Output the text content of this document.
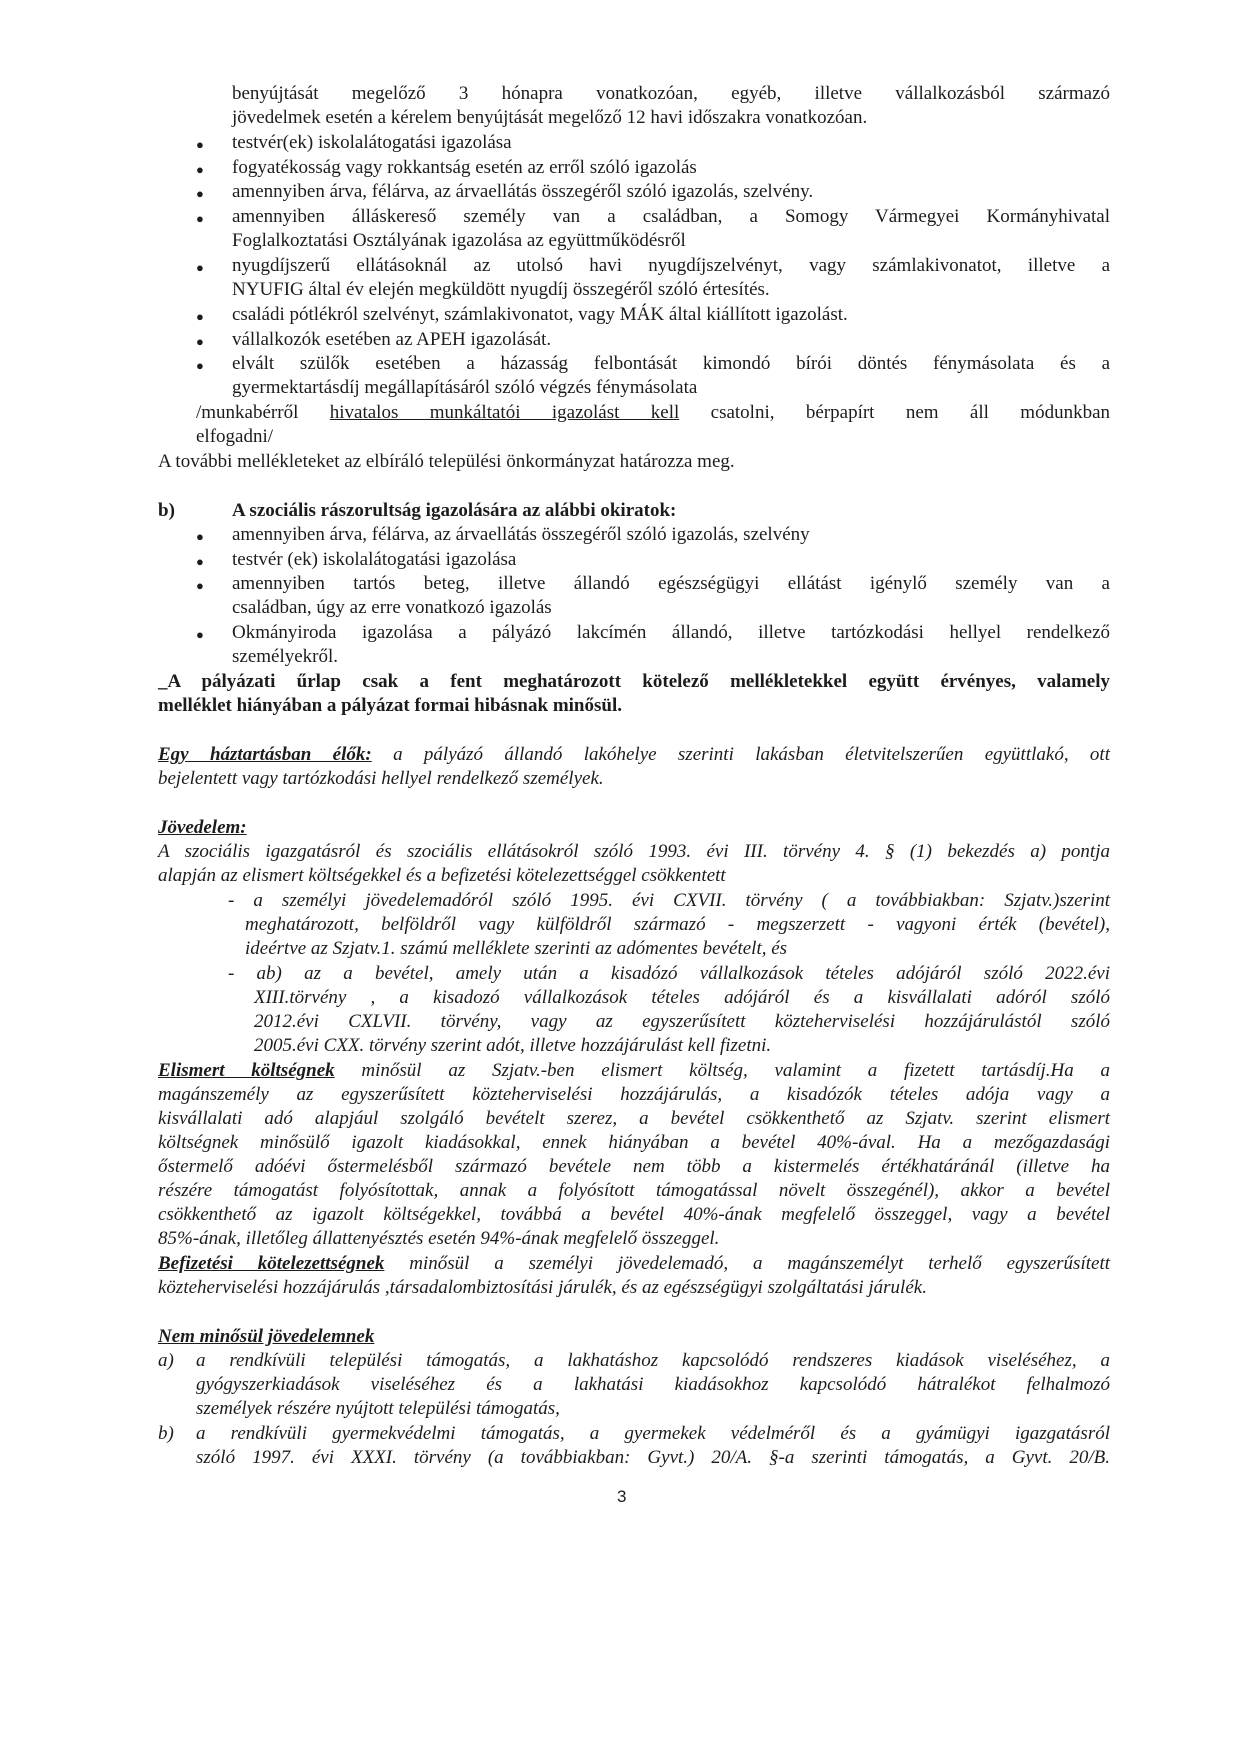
benyújtását megelőző 3 hónapra vonatkozóan, egyéb, illetve vállalkozásból származó

jövedelmek esetén a kérelem benyújtását megelőző 12 havi időszakra vonatkozóan.

● testvér(ek) iskolalátogatási igazolása

● fogyatékosság vagy rokkantság esetén az erről szóló igazolás

● amennyiben árva, félárva, az árvaellátás összegéről szóló igazolás, szelvény.

● amennyiben álláskereső személy van a családban, a Somogy Vármegyei Kormányhivatal

Foglalkoztatási Osztályának igazolása az együttműködésről

● nyugdíjszerű ellátásoknál az utolsó havi nyugdíjszelvényt, vagy számlakivonatot, illetve a

NYUFIG által év elején megküldött nyugdíj összegéről szóló értesítés.

● családi pótlékról szelvényt, számlakivonatot, vagy MÁK által kiállított igazolást.

● vállalkozók esetében az APEH igazolását.

● elvált szülők esetében a házasság felbontását kimondó bírói döntés fénymásolata és a

gyermektartásdíj megállapításáról szóló végzés fénymásolata

/munkabérről hivatalos munkáltatói igazolást kell csatolni, bérpapírt nem áll módunkban

elfogadni/

A további mellékleteket az elbíráló települési önkormányzat határozza meg.

b)	A szociális rászorultság igazolására az alábbi okiratok:

● amennyiben árva, félárva, az árvaellátás összegéről szóló igazolás, szelvény

● testvér (ek) iskolalátogatási igazolása

● amennyiben tartós beteg, illetve állandó egészségügyi ellátást igénylő személy van a

családban, úgy az erre vonatkozó igazolás

● Okmányiroda igazolása a pályázó lakcímén állandó, illetve tartózkodási hellyel rendelkező

személyekről.

_A pályázati űrlap csak a fent meghatározott kötelező mellékletekkel együtt érvényes, valamely

melléklet hiányában a pályázat formai hibásnak minősül.

Egy háztartásban élők: a pályázó állandó lakóhelye szerinti lakásban életvitelszerűen együttlakó, ott

bejelentett vagy tartózkodási hellyel rendelkező személyek.

Jövedelem:

A szociális igazgatásról és szociális ellátásokról szóló 1993. évi III. törvény 4. § (1) bekezdés a) pontja

alapján az elismert költségekkel és a befizetési kötelezettséggel csökkentett

- a személyi jövedelemadóról szóló 1995. évi CXVII. törvény ( a továbbiakban: Szjatv.)szerint

meghatározott, belföldről vagy külföldről származó - megszerzett - vagyoni érték (bevétel),

ideértve az Szjatv.1. számú melléklete szerinti az adómentes bevételt, és

- ab) az a bevétel, amely után a kisadózó vállalkozások tételes adójáról szóló 2022.évi

XIII.törvény , a kisadozó vállalkozások tételes adójáról és a kisvállalati adóról szóló

2012.évi CXLVII. törvény, vagy az egyszerűsített közteherviselési hozzájárulástól szóló

2005.évi CXX. törvény szerint adót, illetve hozzájárulást kell fizetni.

Elismert költségnek minősül az Szjatv.-ben elismert költség, valamint a fizetett tartásdíj.Ha a

magánszemély az egyszerűsített közteherviselési hozzájárulás, a kisadózók tételes adója vagy a

kisvállalati adó alapjául szolgáló bevételt szerez, a bevétel csökkenthető az Szjatv. szerint elismert

költségnek minősülő igazolt kiadásokkal, ennek hiányában a bevétel 40%-ával. Ha a mezőgazdasági

őstermelő adóévi őstermelésből származó bevétele nem több a kistermelés értékhatáránál (illetve ha

részére támogatást folyósítottak, annak a folyósított támogatással növelt összegénél), akkor a bevétel

csökkenthető az igazolt költségekkel, továbbá a bevétel 40%-ának megfelelő összeggel, vagy a bevétel

85%-ának, illetőleg állattenyésztés esetén 94%-ának megfelelő összeggel.

Befizetési kötelezettségnek minősül a személyi jövedelemadó, a magánszemélyt terhelő egyszerűsített

közteherviselési hozzájárulás ,társadalombiztosítási járulék, és az egészségügyi szolgáltatási járulék.

Nem minősül jövedelemnek

a) a rendkívüli települési támogatás, a lakhatáshoz kapcsolódó rendszeres kiadások viseléséhez, a

gyógyszerkiadások viseléséhez és a lakhatási kiadásokhoz kapcsolódó hátralékot felhalmozó

személyek részére nyújtott települési támogatás,

b) a rendkívüli gyermekvédelmi támogatás, a gyermekek védelméről és a gyámügyi igazgatásról

szóló 1997. évi XXXI. törvény (a továbbiakban: Gyvt.) 20/A. §-a szerinti támogatás, a Gyvt. 20/B.

3
